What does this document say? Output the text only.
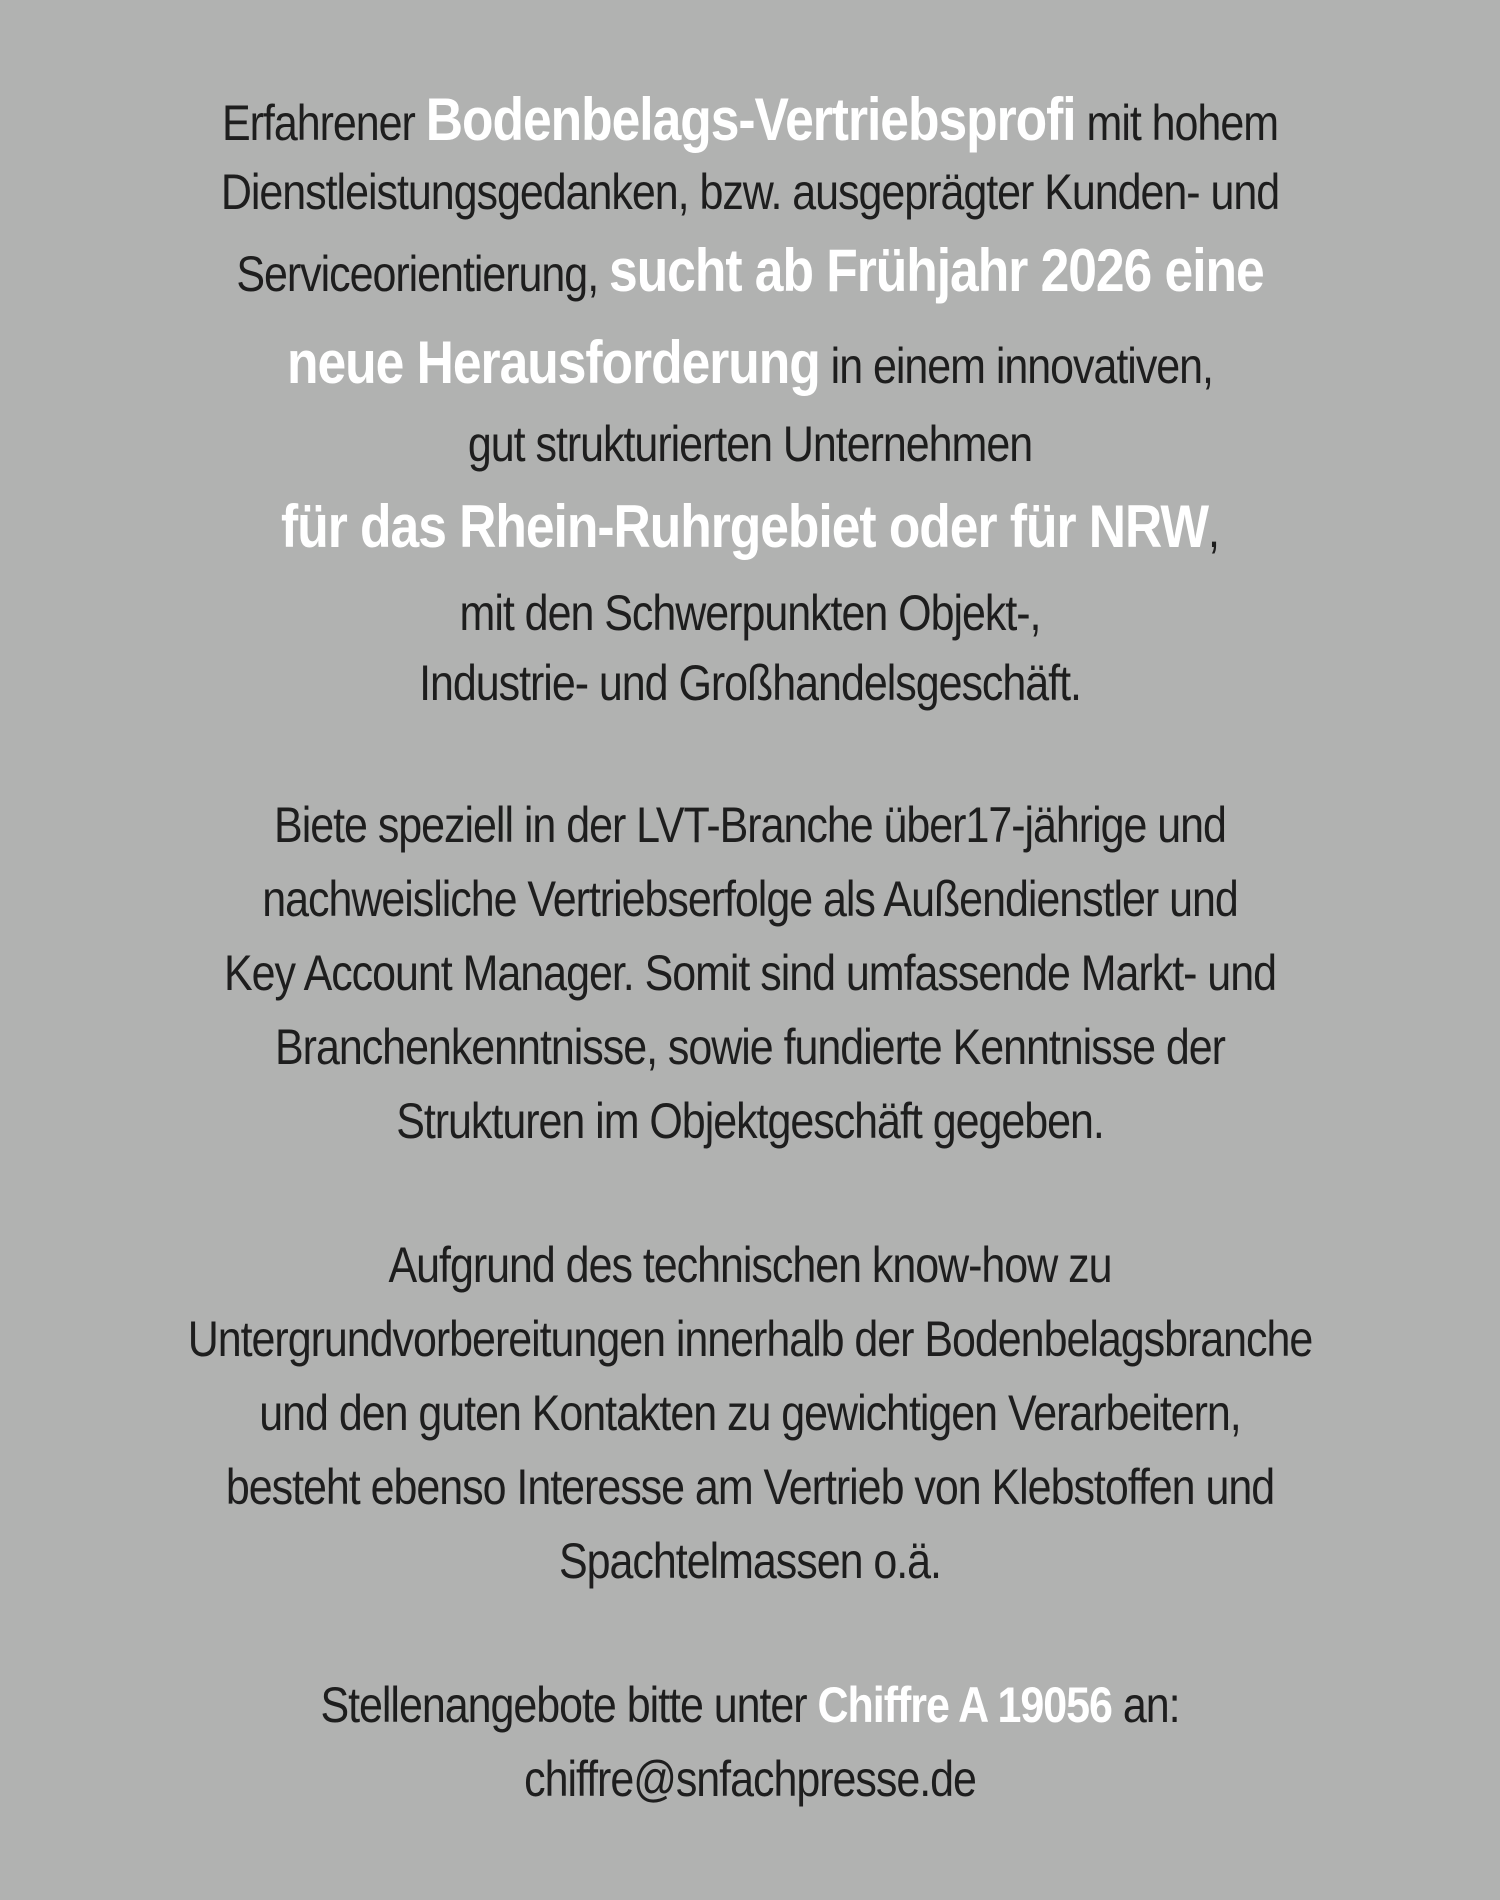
Erfahrener Bodenbelags-Vertriebsprofi mit hohem
Dienstleistungsgedanken, bzw. ausgeprägter Kunden- und
Serviceorientierung, sucht ab Frühjahr 2026 eine
neue Herausforderung in einem innovativen,
gut strukturierten Unternehmen
für das Rhein-Ruhrgebiet oder für NRW,
mit den Schwerpunkten Objekt-,
Industrie- und Großhandelsgeschäft.
Biete speziell in der LVT-Branche über17-jährige und
nachweisliche Vertriebserfolge als Außendienstler und
Key Account Manager. Somit sind umfassende Markt- und
Branchenkenntnisse, sowie fundierte Kenntnisse der
Strukturen im Objektgeschäft gegeben.
Aufgrund des technischen know-how zu
Untergrundvorbereitungen innerhalb der Bodenbelagsbranche
und den guten Kontakten zu gewichtigen Verarbeitern,
besteht ebenso Interesse am Vertrieb von Klebstoffen und
Spachtelmassen o.ä.
Stellenangebote bitte unter Chiffre A 19056 an:
chiffre@snfachpresse.de
